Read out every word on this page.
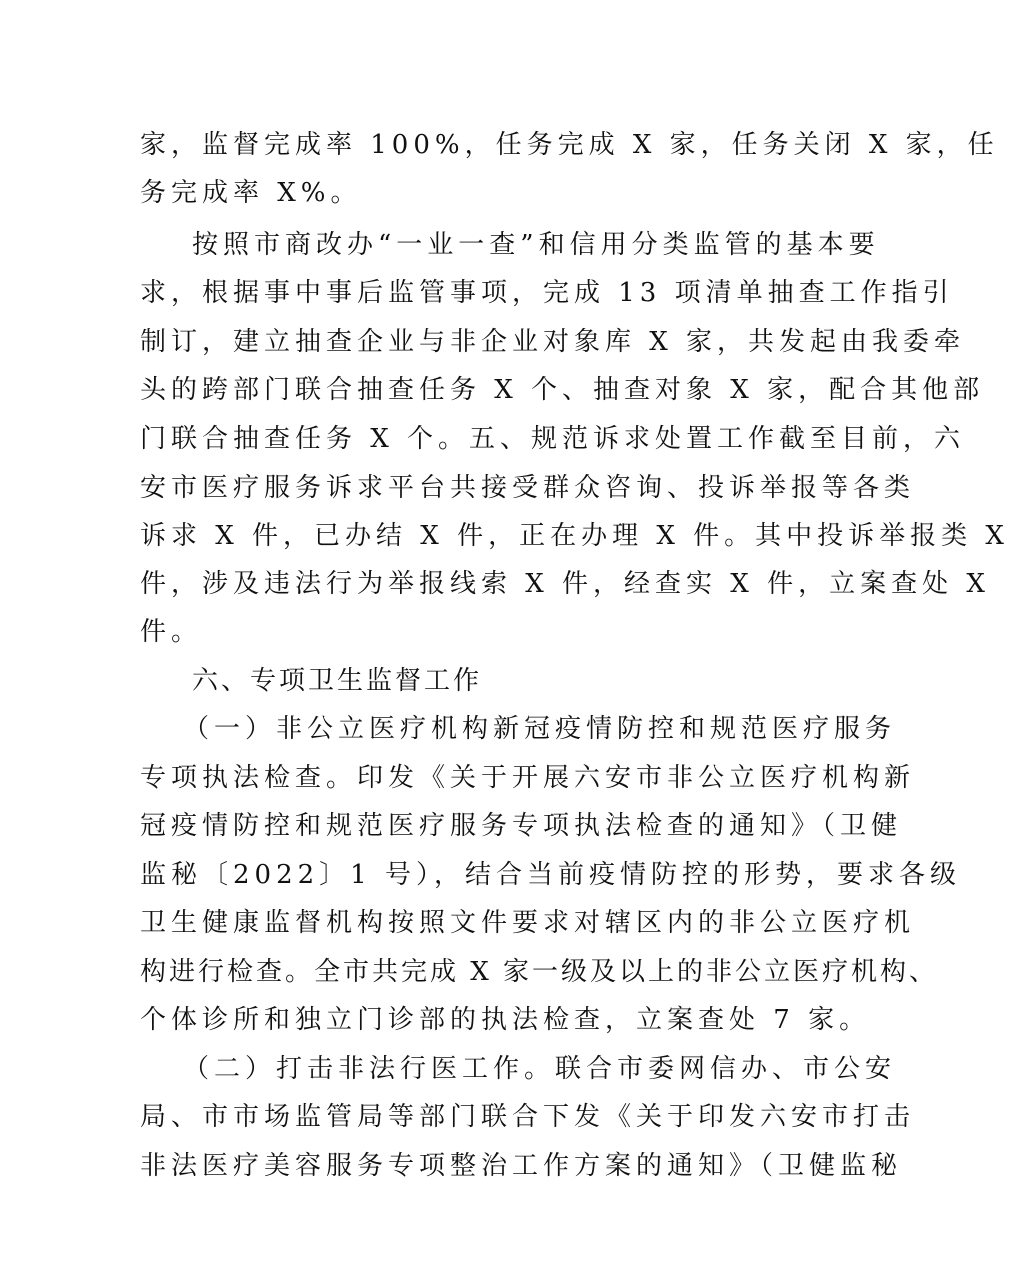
家，监督完成率 100%，任务完成 X 家，任务关闭 X 家，任
务完成率 X%。
按照市商改办“一业一查”和信用分类监管的基本要
求，根据事中事后监管事项，完成 13 项清单抽查工作指引
制订，建立抽查企业与非企业对象库 X 家，共发起由我委牵
头的跨部门联合抽查任务 X 个、抽查对象 X 家，配合其他部
门联合抽查任务 X 个。五、规范诉求处置工作截至目前，六
安市医疗服务诉求平台共接受群众咨询、投诉举报等各类
诉求 X 件，已办结 X 件，正在办理 X 件。其中投诉举报类 X
件，涉及违法行为举报线索 X 件，经查实 X 件，立案查处 X
件。
六、专项卫生监督工作
（一）非公立医疗机构新冠疫情防控和规范医疗服务
专项执法检查。印发《关于开展六安市非公立医疗机构新
冠疫情防控和规范医疗服务专项执法检查的通知》（卫健
监秘〔2022〕1 号），结合当前疫情防控的形势，要求各级
卫生健康监督机构按照文件要求对辖区内的非公立医疗机
构进行检查。全市共完成 X 家一级及以上的非公立医疗机构、
个体诊所和独立门诊部的执法检查，立案查处 7 家。
（二）打击非法行医工作。联合市委网信办、市公安
局、市市场监管局等部门联合下发《关于印发六安市打击
非法医疗美容服务专项整治工作方案的通知》（卫健监秘
